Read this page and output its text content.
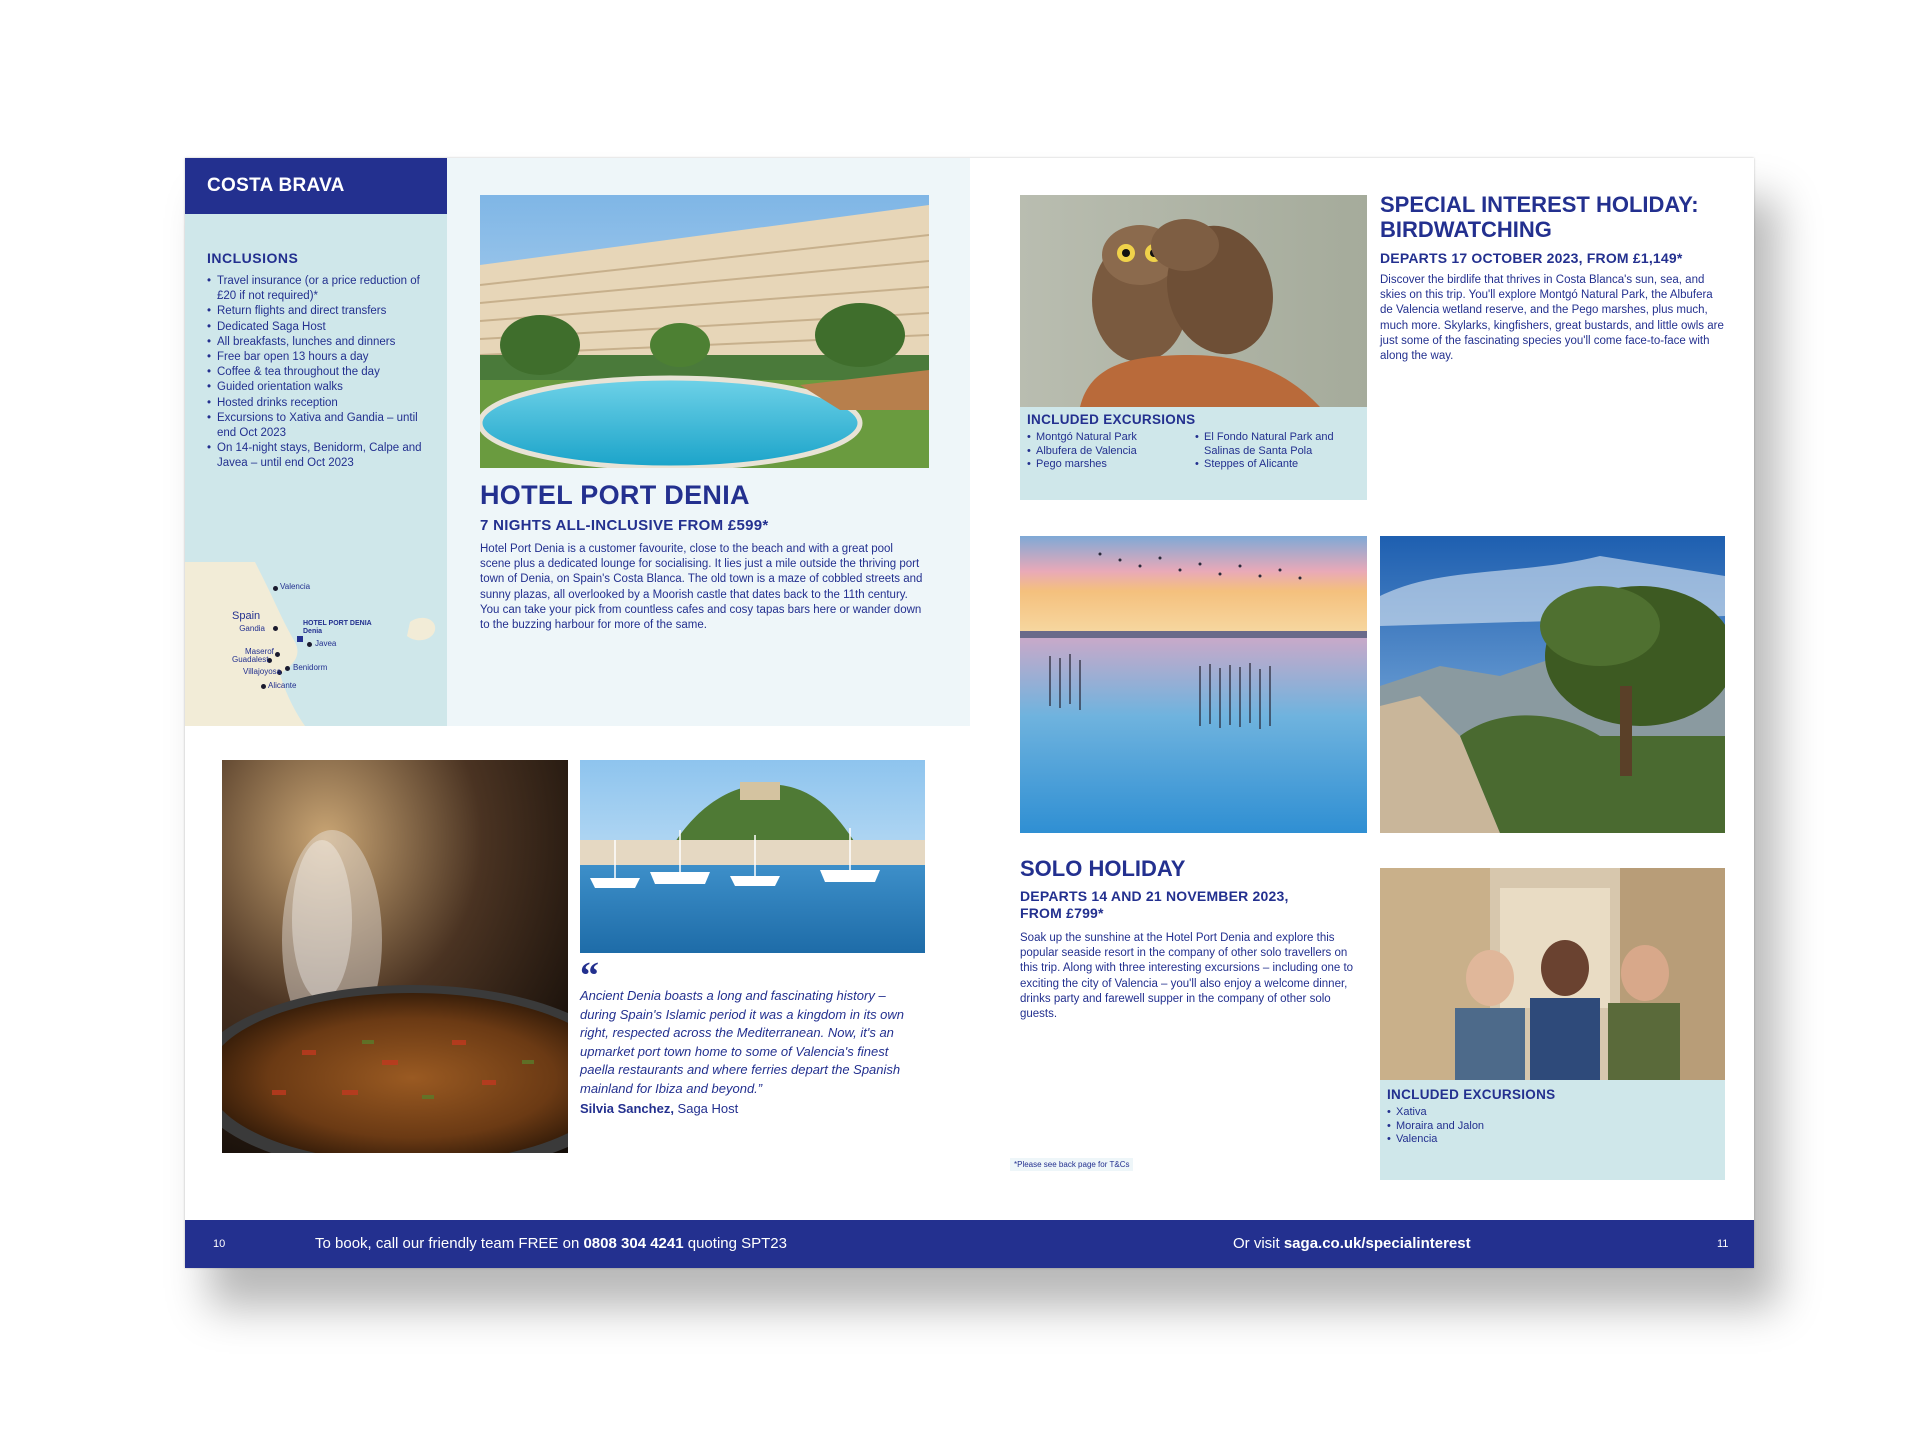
COSTA BRAVA
INCLUSIONS
• Travel insurance (or a price reduction of £20 if not required)*
• Return flights and direct transfers
• Dedicated Saga Host
• All breakfasts, lunches and dinners
• Free bar open 13 hours a day
• Coffee & tea throughout the day
• Guided orientation walks
• Hosted drinks reception
• Excursions to Xativa and Gandia – until end Oct 2023
• On 14-night stays, Benidorm, Calpe and Javea – until end Oct 2023
Valencia
Spain
HOTEL PORT DENIA
Denia
Gandia
Javea
Maserof
Guadalest
Benidorm
Villajoyosa
Alicante
HOTEL PORT DENIA
7 NIGHTS ALL-INCLUSIVE FROM £599*
Hotel Port Denia is a customer favourite, close to the beach and with a great pool scene plus a dedicated lounge for socialising. It lies just a mile outside the thriving port town of Denia, on Spain's Costa Blanca. The old town is a maze of cobbled streets and sunny plazas, all overlooked by a Moorish castle that dates back to the 11th century. You can take your pick from countless cafes and cosy tapas bars here or wander down to the buzzing harbour for more of the same.
“
Ancient Denia boasts a long and fascinating history – during Spain's Islamic period it was a kingdom in its own right, respected across the Mediterranean. Now, it's an upmarket port town home to some of Valencia's finest paella restaurants and where ferries depart the Spanish mainland for Ibiza and beyond.”
Silvia Sanchez, Saga Host
INCLUDED EXCURSIONS
• Montgó Natural Park
• Albufera de Valencia
• Pego marshes
• El Fondo Natural Park and Salinas de Santa Pola
• Steppes of Alicante
SPECIAL INTEREST HOLIDAY:
BIRDWATCHING
DEPARTS 17 OCTOBER 2023, FROM £1,149*
Discover the birdlife that thrives in Costa Blanca's sun, sea, and skies on this trip. You'll explore Montgó Natural Park, the Albufera de Valencia wetland reserve, and the Pego marshes, plus much, much more. Skylarks, kingfishers, great bustards, and little owls are just some of the fascinating species you'll come face-to-face with along the way.
SOLO HOLIDAY
DEPARTS 14 AND 21 NOVEMBER 2023,
FROM £799*
Soak up the sunshine at the Hotel Port Denia and explore this popular seaside resort in the company of other solo travellers on this trip. Along with three interesting excursions – including one to exciting the city of Valencia – you'll also enjoy a welcome dinner, drinks party and farewell supper in the company of other solo guests.
INCLUDED EXCURSIONS
• Xativa
• Moraira and Jalon
• Valencia
*Please see back page for T&Cs
10	To book, call our friendly team FREE on 0808 304 4241 quoting SPT23	Or visit saga.co.uk/specialinterest	11
